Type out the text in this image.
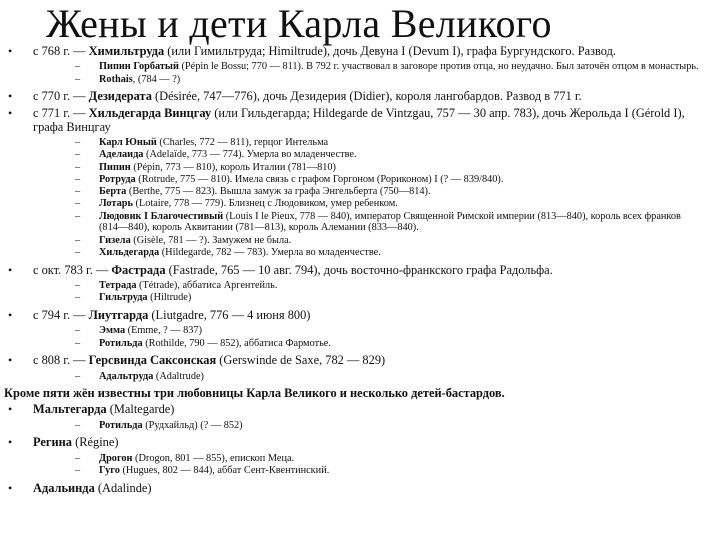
Жены и дети Карла Великого
• с 768 г. — Химильтруда (или Гимильтруда; Himiltrude), дочь Девуна I (Devum I), графа Бургундского. Развод.
– Пипин Горбатый (Pépin le Bossu; 770 — 811). В 792 г. участвовал в заговоре против отца, но неудачно. Был заточён отцом в монастырь.
– Rothais, (784 — ?)
• с 770 г. — Дезидерата (Désirée, 747—776), дочь Дезидерия (Didier), короля лангобардов. Развод в 771 г.
• с 771 г. — Хильдегарда Винцгау (или Гильдегарда; Hildegarde de Vintzgau, 757 — 30 апр. 783), дочь Жерольда I (Gérold I), графа Винцгау
– Карл Юный (Charles, 772 — 811), герцог Интельма
– Аделаида (Adelaïde, 773 — 774). Умерла во младенчестве.
– Пипин (Pépin, 773 — 810), король Италии (781—810)
– Ротруда (Rotrude, 775 — 810). Имела связь с графом Горгоном (Рориконом) I (? — 839/840).
– Берта (Berthe, 775 — 823). Вышла замуж за графа Энгельберта (750—814).
– Лотарь (Lotaire, 778 — 779). Близнец с Людовиком, умер ребенком.
– Людовик I Благочестивый (Louis I le Pieux, 778 — 840), император Священной Римской империи (813—840), король всех франков (814—840), король Аквитании (781—813), король Алемании (833—840).
– Гизела (Gisèle, 781 — ?). Замужем не была.
– Хильдегарда (Hildegarde, 782 — 783). Умерла во младенчестве.
• с окт. 783 г. — Фастрада (Fastrade, 765 — 10 авг. 794), дочь восточно-франкского графа Радольфа.
– Тетрада (Tétrade), аббатиса Аргентейль.
– Гильтруда (Hiltrude)
• с 794 г. — Лиутгарда (Liutgadre, 776 — 4 июня 800)
– Эмма (Emme, ? — 837)
– Ротильда (Rothilde, 790 — 852), аббатиса Фармотье.
• с 808 г. — Герсвинда Саксонская (Gerswinde de Saxe, 782 — 829)
– Адальтруда (Adaltrude)
Кроме пяти жён известны три любовницы Карла Великого и несколько детей-бастардов.
• Мальтегарда (Maltegarde)
– Ротильда (Рудхайльд) (? — 852)
• Регина (Régine)
– Дрогон (Drogon, 801 — 855), епископ Меца.
– Гуго (Hugues, 802 — 844), аббат Сент-Квентинский.
• Адальинда (Adalinde)
